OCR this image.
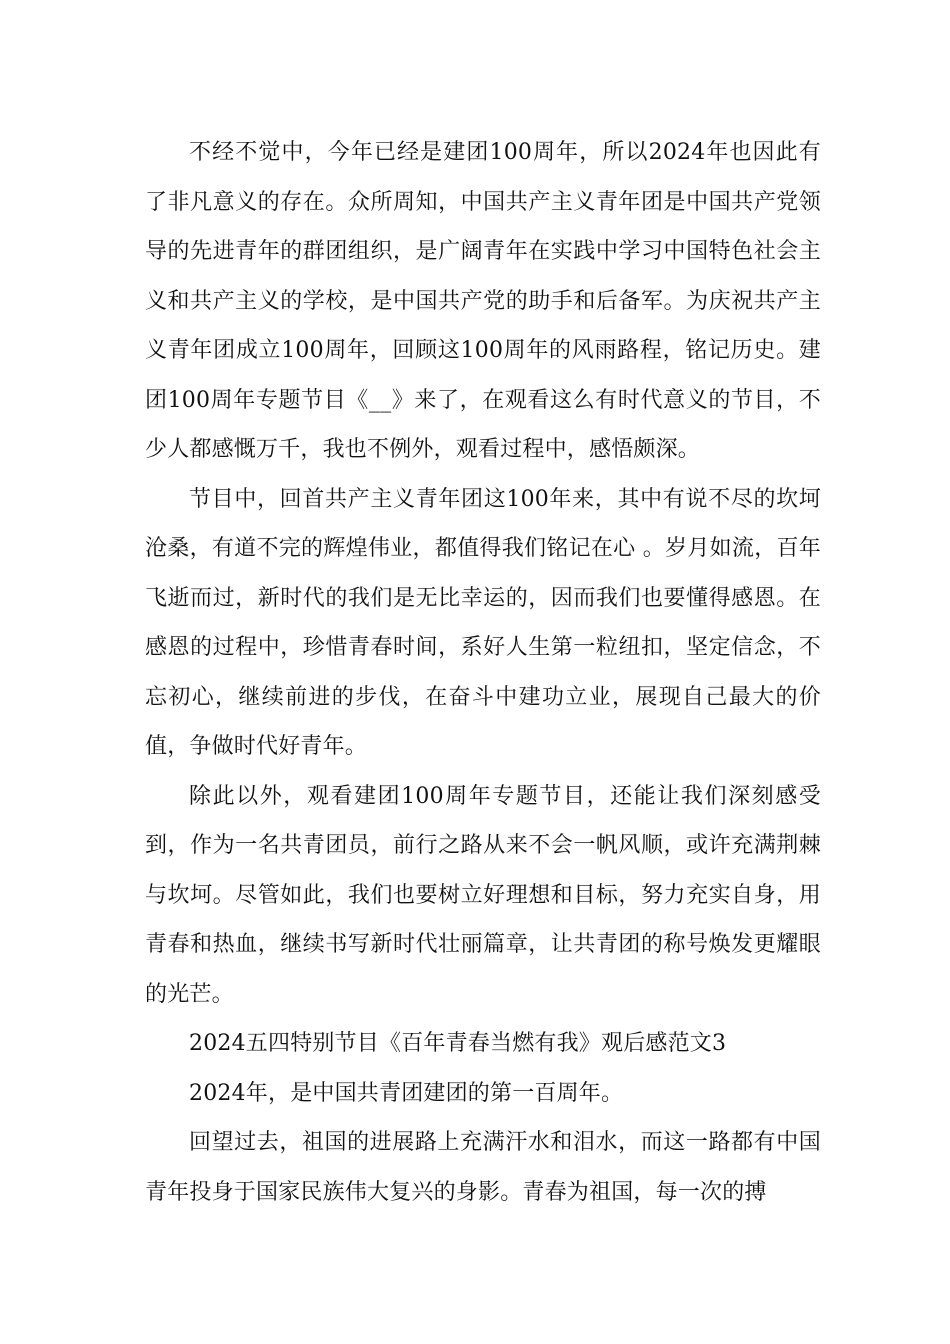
不经不觉中，今年已经是建团100周年，所以2024年也因此有了非凡意义的存在。众所周知，中国共产主义青年团是中国共产党领导的先进青年的群团组织，是广阔青年在实践中学习中国特色社会主义和共产主义的学校，是中国共产党的助手和后备军。为庆祝共产主义青年团成立100周年，回顾这100周年的风雨路程，铭记历史。建团100周年专题节目《__》来了，在观看这么有时代意义的节目，不少人都感慨万千，我也不例外，观看过程中，感悟颇深。

节目中，回首共产主义青年团这100年来，其中有说不尽的坎坷沧桑，有道不完的辉煌伟业，都值得我们铭记在心 。岁月如流，百年飞逝而过，新时代的我们是无比幸运的，因而我们也要懂得感恩。在感恩的过程中，珍惜青春时间，系好人生第一粒纽扣，坚定信念，不忘初心，继续前进的步伐，在奋斗中建功立业，展现自己最大的价值，争做时代好青年。

除此以外，观看建团100周年专题节目，还能让我们深刻感受到，作为一名共青团员，前行之路从来不会一帆风顺，或许充满荆棘与坎坷。尽管如此，我们也要树立好理想和目标，努力充实自身，用青春和热血，继续书写新时代壮丽篇章，让共青团的称号焕发更耀眼的光芒。

2024五四特别节目《百年青春当燃有我》观后感范文3

2024年，是中国共青团建团的第一百周年。

回望过去，祖国的进展路上充满汗水和泪水，而这一路都有中国青年投身于国家民族伟大复兴的身影。青春为祖国，每一次的搏
